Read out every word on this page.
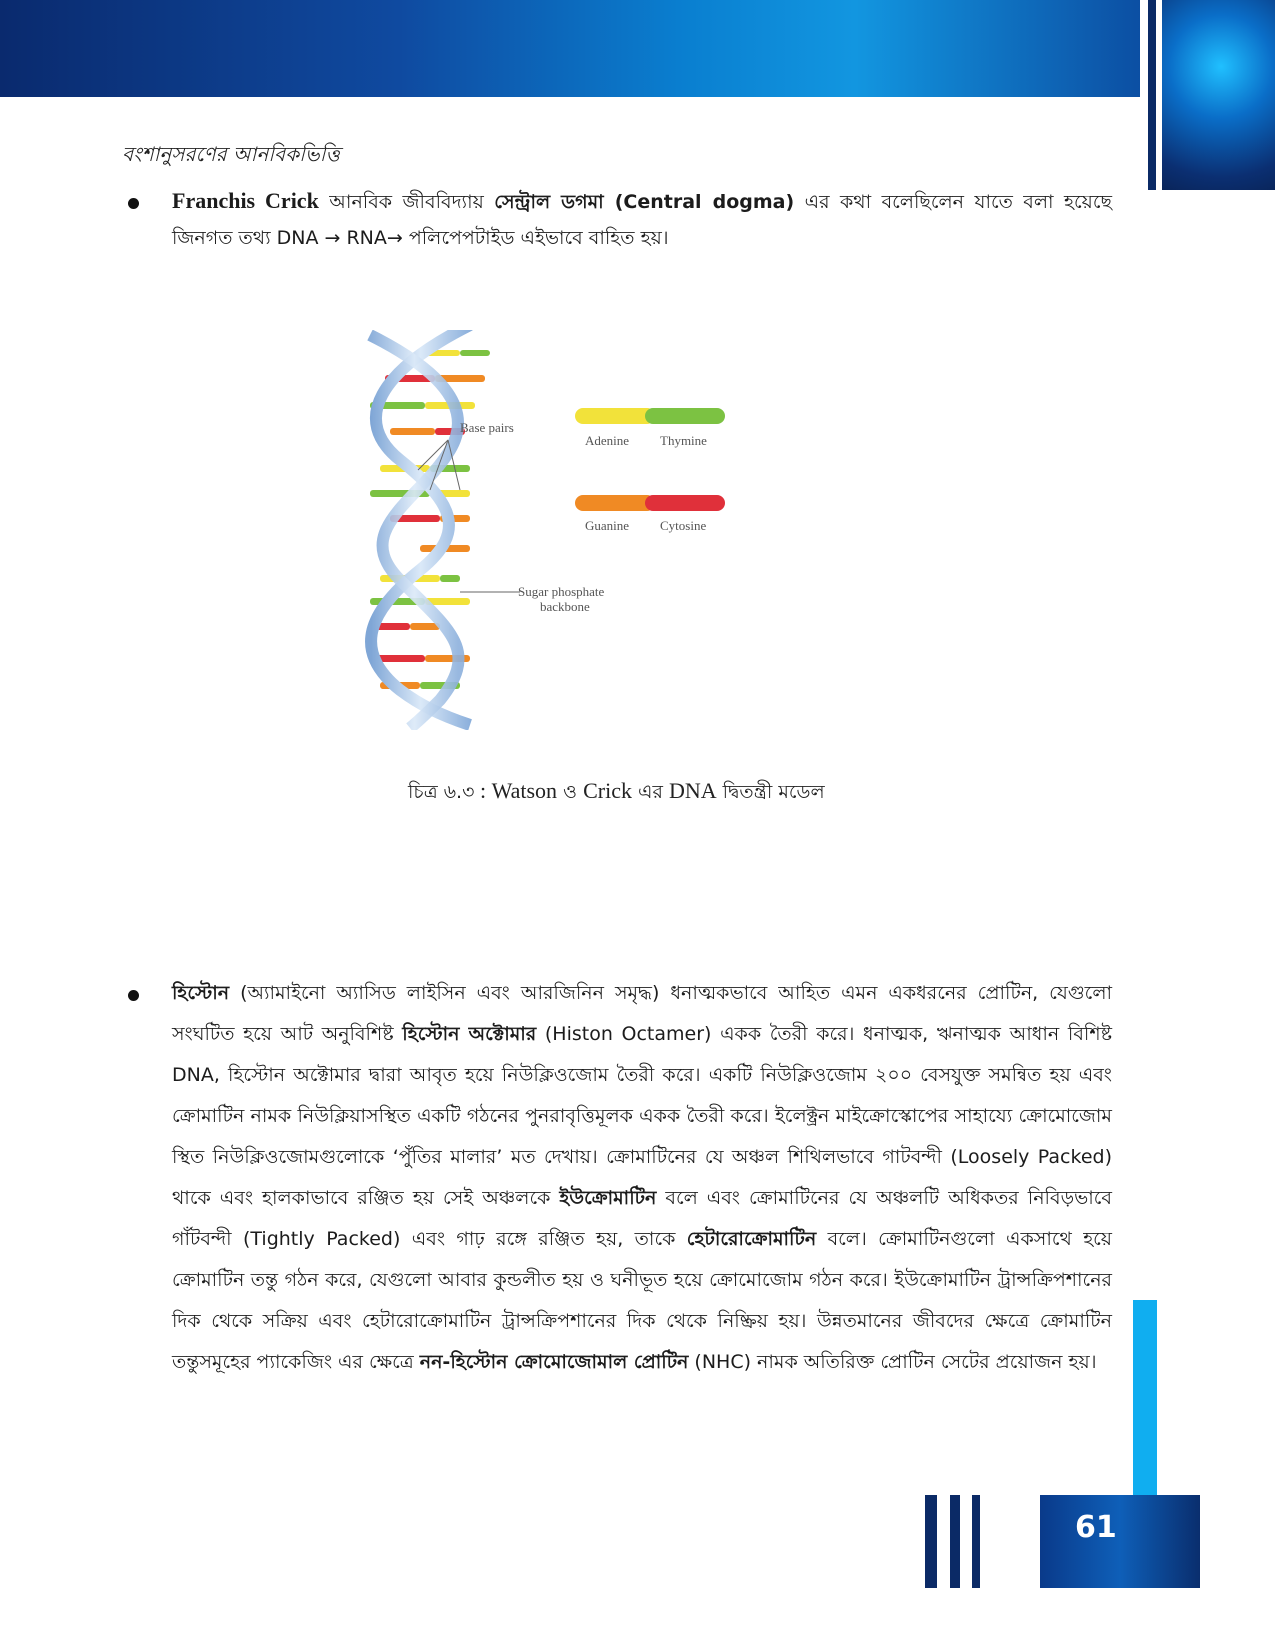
বংশানুসরণের আনবিকভিত্তি
Franchis Crick আনবিক জীববিদ্যায় সেন্ট্রাল ডগমা (Central dogma) এর কথা বলেছিলেন যাতে বলা হয়েছে জিনগত তথ্য DNA → RNA→ পলিপেপটাইড এইভাবে বাহিত হয়।
Base pairs
Adenine Thymine
Guanine Cytosine
Sugar phosphate
backbone
চিত্র ৬.৩ : Watson ও Crick এর DNA দ্বিতন্ত্রী মডেল
হিস্টোন (অ্যামাইনো অ্যাসিড লাইসিন এবং আরজিনিন সমৃদ্ধ) ধনাত্মকভাবে আহিত এমন একধরনের প্রোটিন, যেগুলো সংঘটিত হয়ে আট অনুবিশিষ্ট হিস্টোন অক্টোমার (Histon Octamer) একক তৈরী করে। ধনাত্মক, ঋনাত্মক আধান বিশিষ্ট DNA, হিস্টোন অক্টোমার দ্বারা আবৃত হয়ে নিউক্লিওজোম তৈরী করে। একটি নিউক্লিওজোম ২০০ বেসযুক্ত সমন্বিত হয় এবং ক্রোমাটিন নামক নিউক্লিয়াসস্থিত একটি গঠনের পুনরাবৃত্তিমূলক একক তৈরী করে। ইলেক্ট্রন মাইক্রোস্কোপের সাহায্যে ক্রোমোজোম স্থিত নিউক্লিওজোমগুলোকে ‘পুঁতির মালার’ মত দেখায়। ক্রোমাটিনের যে অঞ্চল শিথিলভাবে গাটবন্দী (Loosely Packed) থাকে এবং হালকাভাবে রঞ্জিত হয় সেই অঞ্চলকে ইউক্রোমাটিন বলে এবং ক্রোমাটিনের যে অঞ্চলটি অধিকতর নিবিড়ভাবে গাঁটবন্দী (Tightly Packed) এবং গাঢ় রঙ্গে রঞ্জিত হয়, তাকে হেটারোক্রোমাটিন বলে। ক্রোমাটিনগুলো একসাথে হয়ে ক্রোমাটিন তন্তু গঠন করে, যেগুলো আবার কুন্ডলীত হয় ও ঘনীভূত হয়ে ক্রোমোজোম গঠন করে। ইউক্রোমাটিন ট্রান্সক্রিপশানের দিক থেকে সক্রিয় এবং হেটারোক্রোমাটিন ট্রান্সক্রিপশানের দিক থেকে নিষ্ক্রিয় হয়। উন্নতমানের জীবদের ক্ষেত্রে ক্রোমাটিন তন্তুসমূহের প্যাকেজিং এর ক্ষেত্রে নন-হিস্টোন ক্রোমোজোমাল প্রোটিন (NHC) নামক অতিরিক্ত প্রোটিন সেটের প্রয়োজন হয়।
61
